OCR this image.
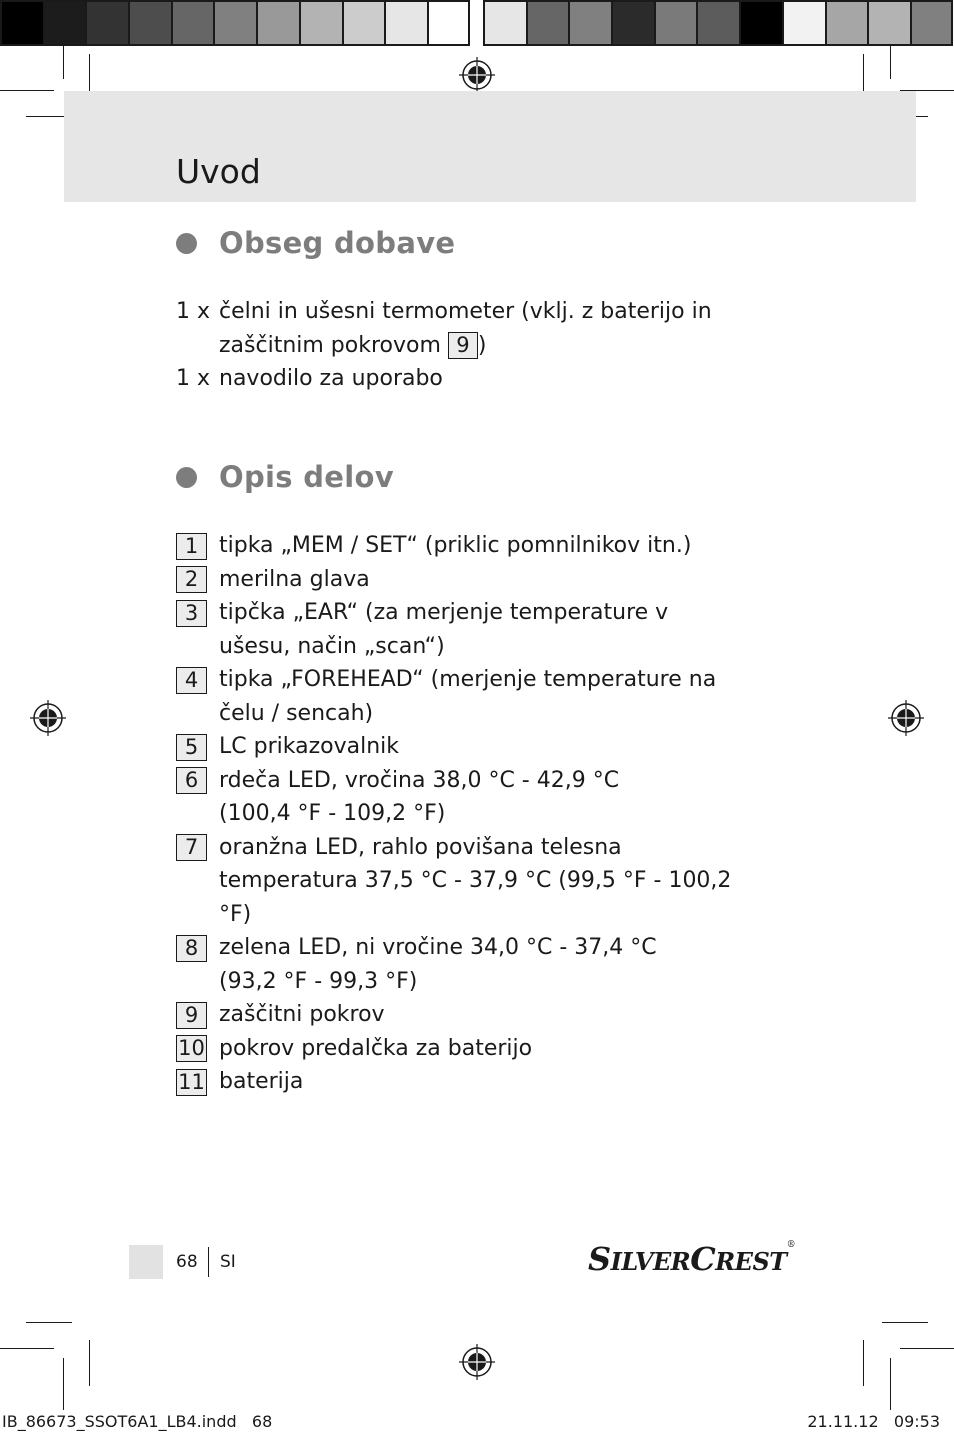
Uvod
Obseg dobave
1 x čelni in ušesni termometer (vklj. z baterijo in zaščitnim pokrovom 9 )
1 x navodilo za uporabo
Opis delov
1 tipka „MEM / SET“ (priklic pomnilnikov itn.)
2 merilna glava
3 tipčka „EAR“ (za merjenje temperature v ušesu, način „scan“)
4 tipka „FOREHEAD“ (merjenje temperature na čelu / sencah)
5 LC prikazovalnik
6 rdeča LED, vročina 38,0 °C - 42,9 °C (100,4 °F - 109,2 °F)
7 oranžna LED, rahlo povišana telesna temperatura 37,5 °C - 37,9 °C (99,5 °F - 100,2 °F)
8 zelena LED, ni vročine 34,0 °C - 37,4 °C (93,2 °F - 99,3 °F)
9 zaščitni pokrov
10 pokrov predalčka za baterijo
11 baterija
68 SI	SILVERCREST®
IB_86673_SSOT6A1_LB4.indd   68	21.11.12   09:53
